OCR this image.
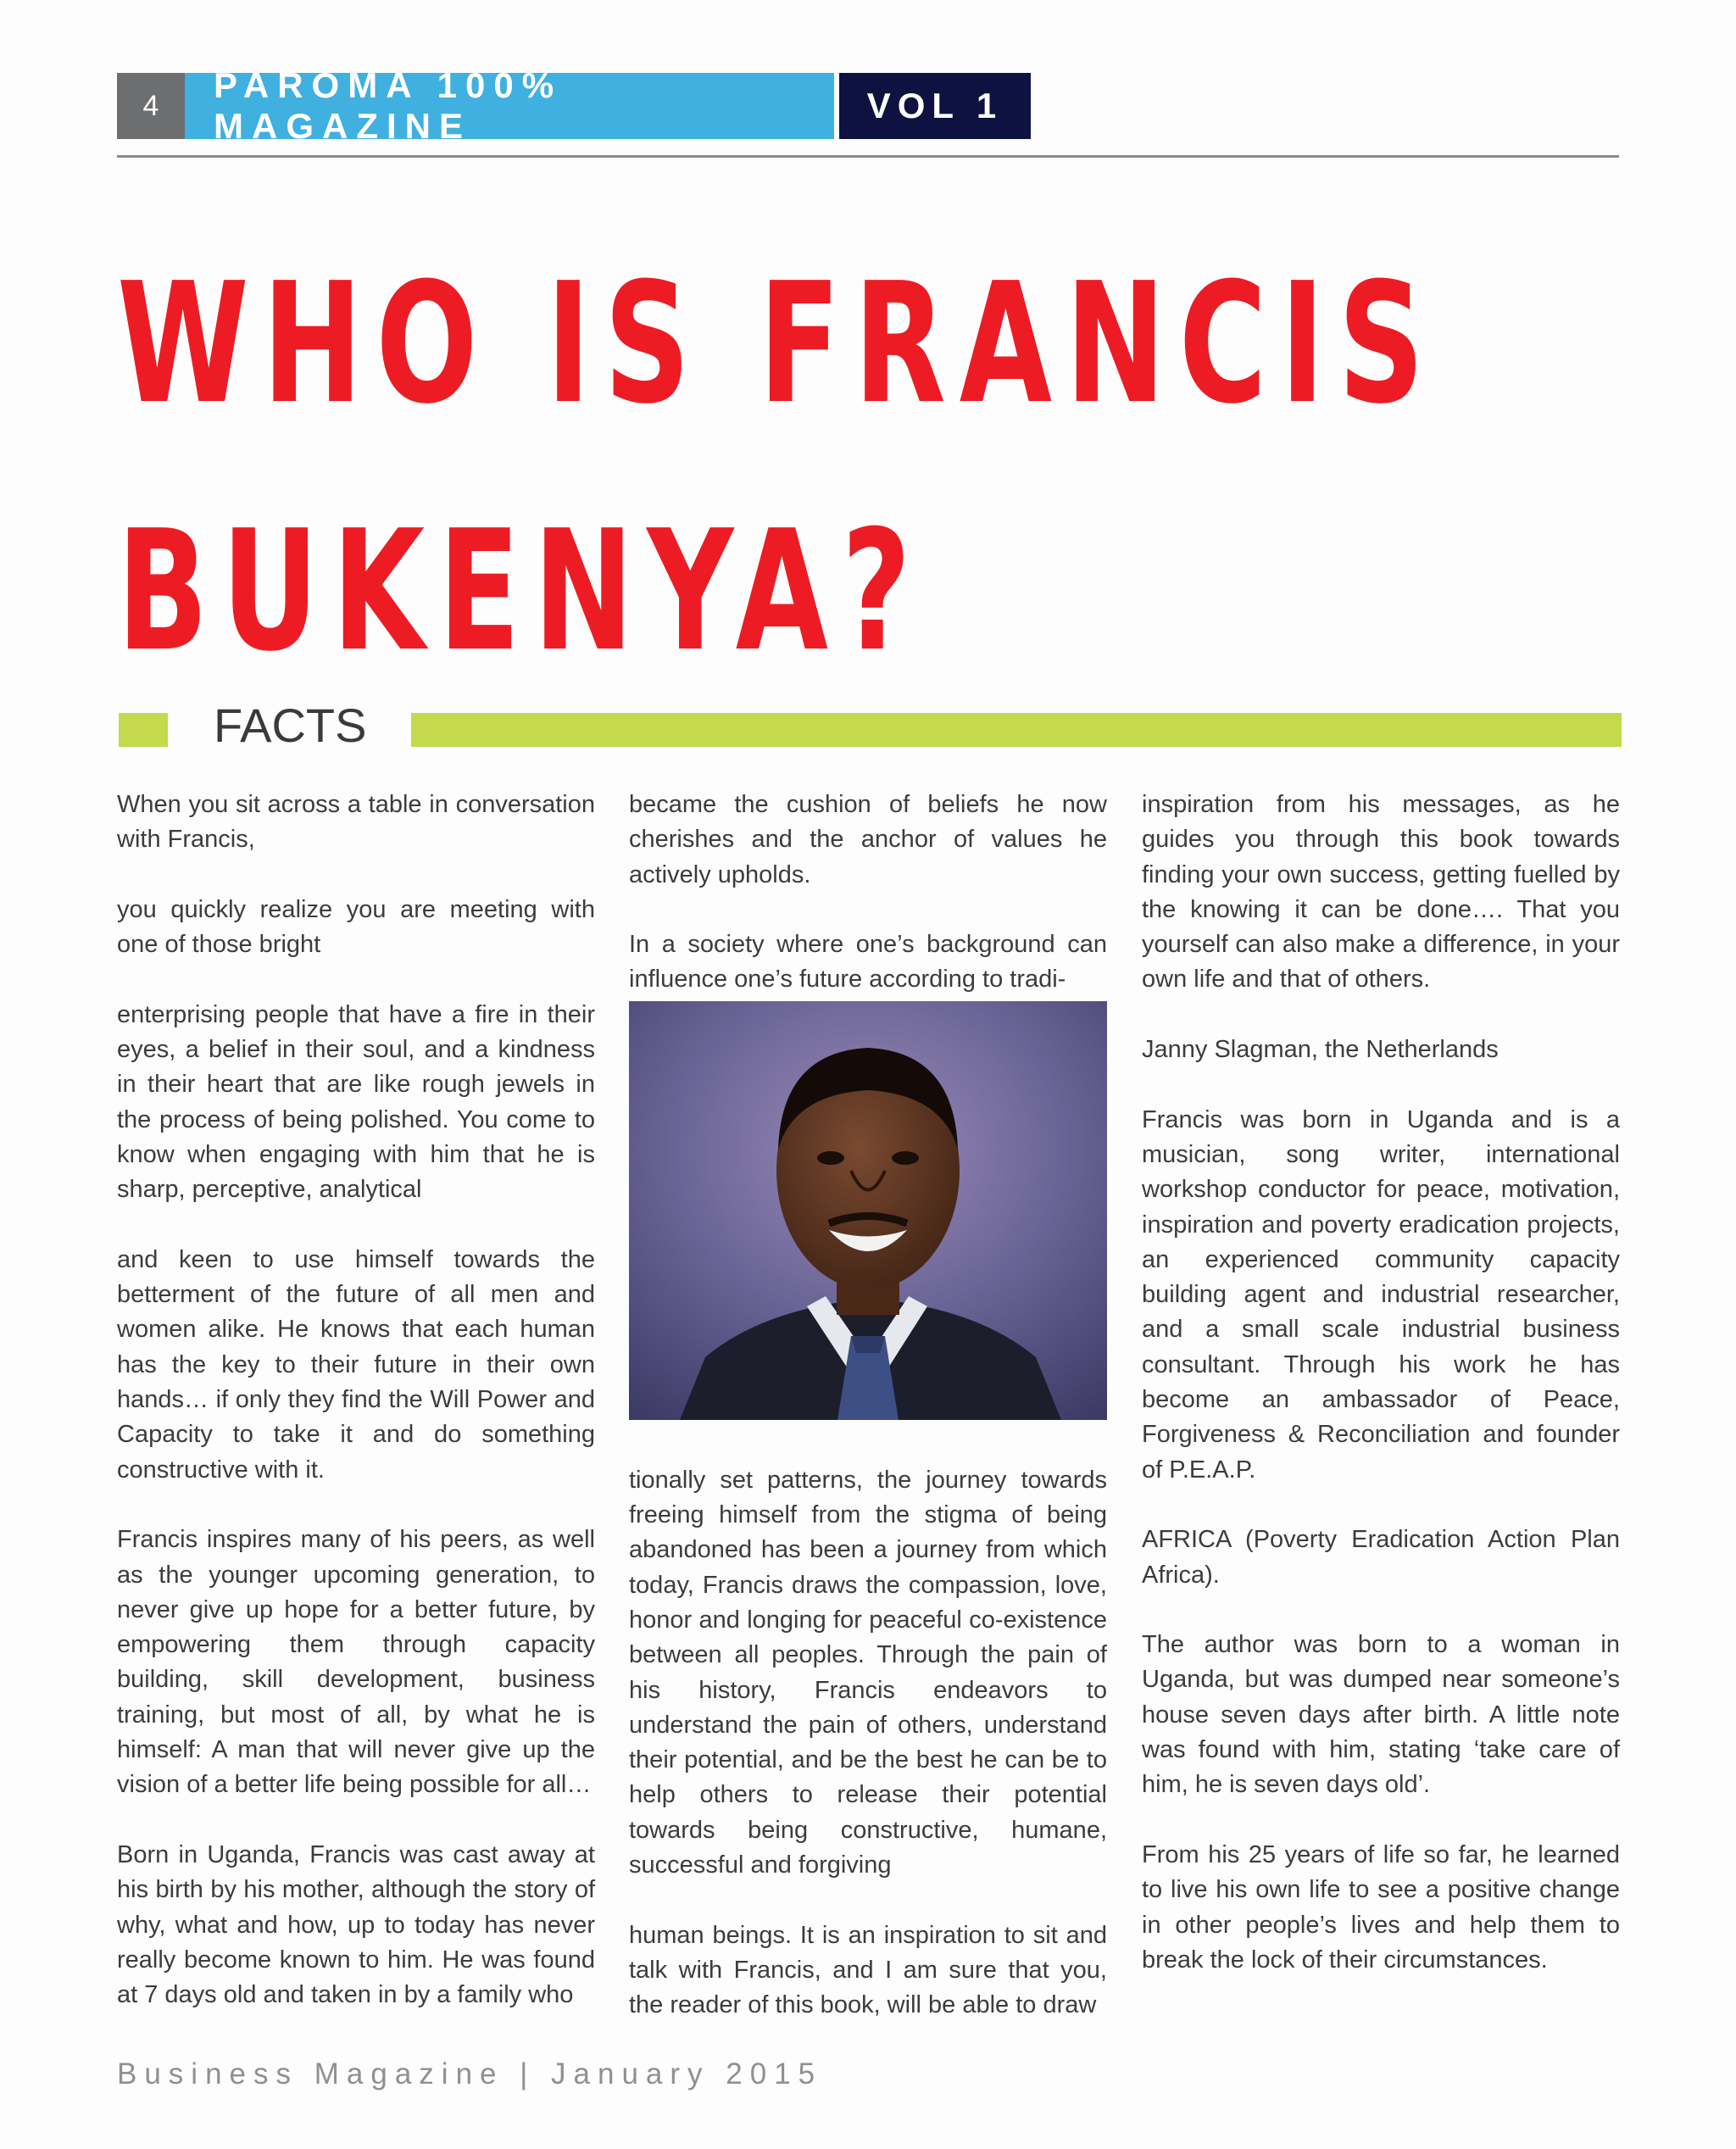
4
PAROMA 100% MAGAZINE
VOL 1
WHO IS FRANCIS
BUKENYA?
FACTS

When you sit across a table in conversation with Francis,

you quickly realize you are meeting with one of those bright

enterprising people that have a fire in their eyes, a belief in their soul, and a kindness in their heart that are like rough jewels in the process of being polished. You come to know when engaging with him that he is sharp, perceptive, analytical

and keen to use himself towards the betterment of the future of all men and women alike. He knows that each human has the key to their future in their own hands… if only they find the Will Power and Capacity to take it and do something constructive with it.

Francis inspires many of his peers, as well as the younger upcoming generation, to never give up hope for a better future, by empowering them through capacity building, skill development, business training, but most of all, by what he is himself: A man that will never give up the vision of a better life being possible for all…

Born in Uganda, Francis was cast away at his birth by his mother, although the story of why, what and how, up to today has never really become known to him. He was found at 7 days old and taken in by a family who

became the cushion of beliefs he now cherishes and the anchor of values he actively upholds.

In a society where one’s background can influence one’s future according to tradi-

tionally set patterns, the journey towards freeing himself from the stigma of being abandoned has been a journey from which today, Francis draws the compassion, love, honor and longing for peaceful co-existence between all peoples. Through the pain of his history, Francis endeavors to understand the pain of others, understand their potential, and be the best he can be to help others to release their potential towards being constructive, humane, successful and forgiving

human beings. It is an inspiration to sit and talk with Francis, and I am sure that you, the reader of this book, will be able to draw

inspiration from his messages, as he guides you through this book towards finding your own success, getting fuelled by the knowing it can be done…. That you yourself can also make a difference, in your own life and that of others.

Janny Slagman, the Netherlands

Francis was born in Uganda and is a musician, song writer, international workshop conductor for peace, motivation, inspiration and poverty eradication projects, an experienced community capacity building agent and industrial researcher, and a small scale industrial business consultant. Through his work he has become an ambassador of Peace, Forgiveness & Reconciliation and founder of P.E.A.P.

AFRICA (Poverty Eradication Action Plan Africa).

The author was born to a woman in Uganda, but was dumped near someone’s house seven days after birth. A little note was found with him, stating ‘take care of him, he is seven days old’.

From his 25 years of life so far, he learned to live his own life to see a positive change in other people’s lives and help them to break the lock of their circumstances.

Business Magazine | January 2015
